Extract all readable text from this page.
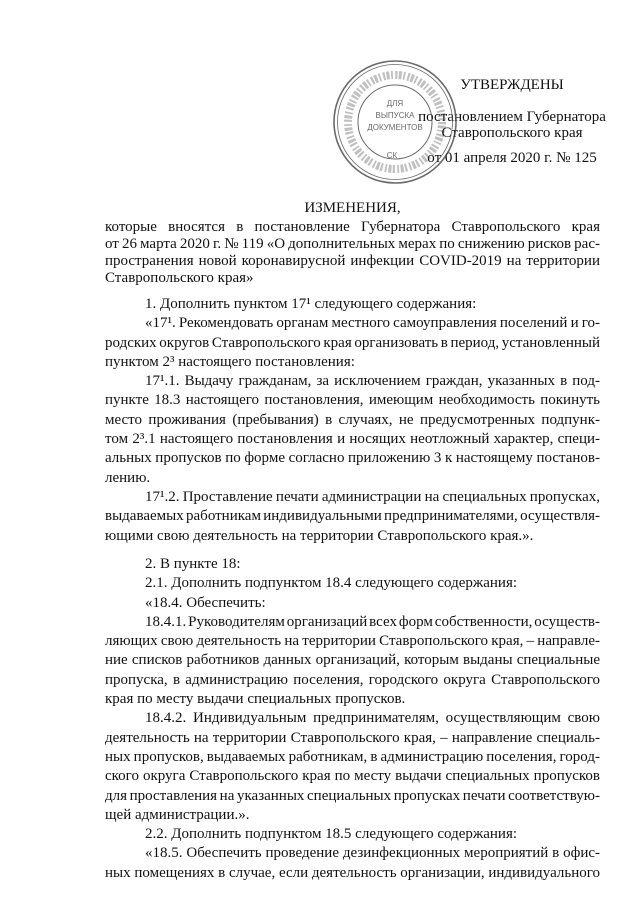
УТВЕРЖДЕНЫ
постановлением Губернатора
Ставропольского края
от 01 апреля 2020 г. № 125
ДЛЯ
ВЫПУСКА
ДОКУМЕНТОВ
СК
ИЗМЕНЕНИЯ,
которые вносятся в постановление Губернатора Ставропольского края
от 26 марта 2020 г. № 119 «О дополнительных мерах по снижению рисков рас-
пространения новой коронавирусной инфекции COVID-2019 на территории
Ставропольского края»
1. Дополнить пунктом 17¹ следующего содержания:
«17¹. Рекомендовать органам местного самоуправления поселений и го-
родских округов Ставропольского края организовать в период, установленный
пунктом 2³ настоящего постановления:
17¹.1. Выдачу гражданам, за исключением граждан, указанных в под-
пункте 18.3 настоящего постановления, имеющим необходимость покинуть
место проживания (пребывания) в случаях, не предусмотренных подпунк-
том 2³.1 настоящего постановления и носящих неотложный характер, специ-
альных пропусков по форме согласно приложению 3 к настоящему постанов-
лению.
17¹.2. Проставление печати администрации на специальных пропусках,
выдаваемых работникам индивидуальными предпринимателями, осуществля-
ющими свою деятельность на территории Ставропольского края.».
2. В пункте 18:
2.1. Дополнить подпунктом 18.4 следующего содержания:
«18.4. Обеспечить:
18.4.1. Руководителям организаций всех форм собственности, осуществ-
ляющих свою деятельность на территории Ставропольского края, – направле-
ние списков работников данных организаций, которым выданы специальные
пропуска, в администрацию поселения, городского округа Ставропольского
края по месту выдачи специальных пропусков.
18.4.2. Индивидуальным предпринимателям, осуществляющим свою
деятельность на территории Ставропольского края, – направление специаль-
ных пропусков, выдаваемых работникам, в администрацию поселения, город-
ского округа Ставропольского края по месту выдачи специальных пропусков
для проставления на указанных специальных пропусках печати соответствую-
щей администрации.».
2.2. Дополнить подпунктом 18.5 следующего содержания:
«18.5. Обеспечить проведение дезинфекционных мероприятий в офис-
ных помещениях в случае, если деятельность организации, индивидуального
